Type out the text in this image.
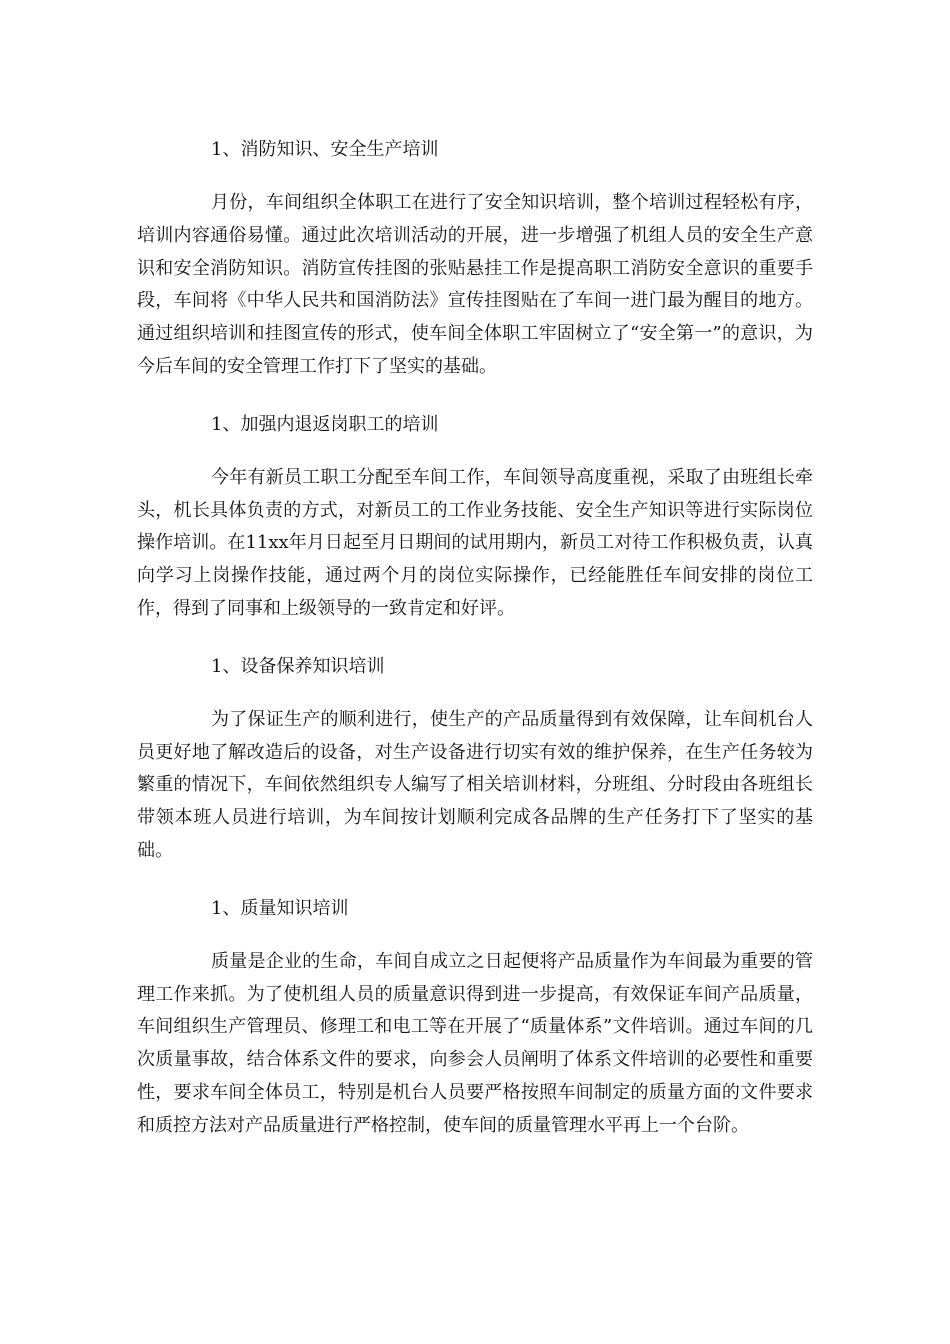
1、消防知识、安全生产培训

月份，车间组织全体职工在进行了安全知识培训，整个培训过程轻松有序，培训内容通俗易懂。通过此次培训活动的开展，进一步增强了机组人员的安全生产意识和安全消防知识。消防宣传挂图的张贴悬挂工作是提高职工消防安全意识的重要手段，车间将《中华人民共和国消防法》宣传挂图贴在了车间一进门最为醒目的地方。通过组织培训和挂图宣传的形式，使车间全体职工牢固树立了“安全第一”的意识，为今后车间的安全管理工作打下了坚实的基础。

1、加强内退返岗职工的培训

今年有新员工职工分配至车间工作，车间领导高度重视，采取了由班组长牵头，机长具体负责的方式，对新员工的工作业务技能、安全生产知识等进行实际岗位操作培训。在11xx年月日起至月日期间的试用期内，新员工对待工作积极负责，认真向学习上岗操作技能，通过两个月的岗位实际操作，已经能胜任车间安排的岗位工作，得到了同事和上级领导的一致肯定和好评。

1、设备保养知识培训

为了保证生产的顺利进行，使生产的产品质量得到有效保障，让车间机台人员更好地了解改造后的设备，对生产设备进行切实有效的维护保养，在生产任务较为繁重的情况下，车间依然组织专人编写了相关培训材料，分班组、分时段由各班组长带领本班人员进行培训，为车间按计划顺利完成各品牌的生产任务打下了坚实的基础。

1、质量知识培训

质量是企业的生命，车间自成立之日起便将产品质量作为车间最为重要的管理工作来抓。为了使机组人员的质量意识得到进一步提高，有效保证车间产品质量，车间组织生产管理员、修理工和电工等在开展了“质量体系”文件培训。通过车间的几次质量事故，结合体系文件的要求，向参会人员阐明了体系文件培训的必要性和重要性，要求车间全体员工，特别是机台人员要严格按照车间制定的质量方面的文件要求和质控方法对产品质量进行严格控制，使车间的质量管理水平再上一个台阶。
